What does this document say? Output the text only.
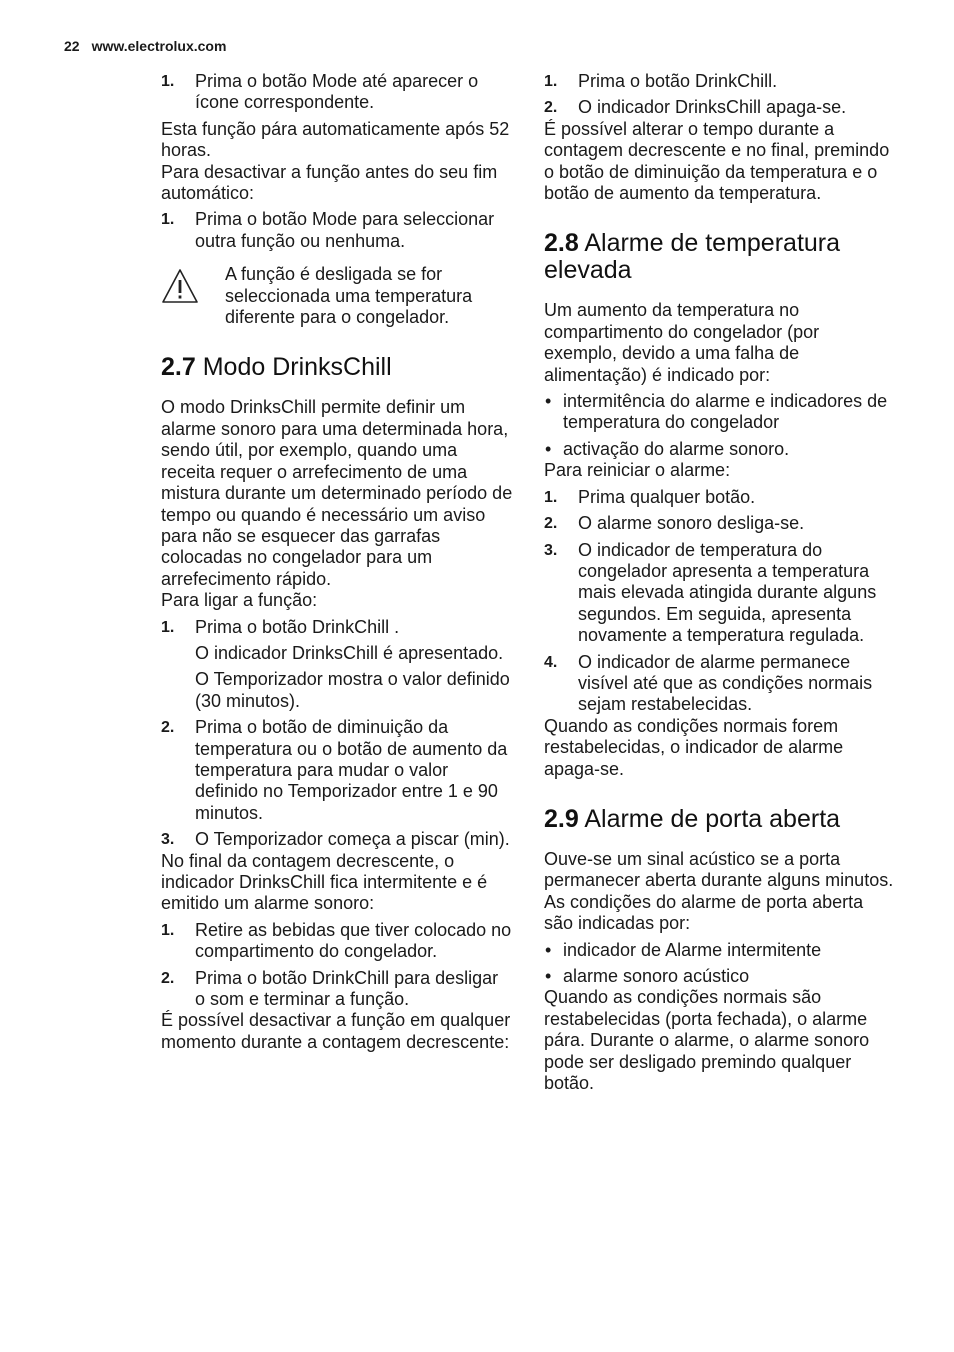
22 www.electrolux.com
1. Prima o botão Mode até aparecer o ícone correspondente.

Esta função pára automaticamente após 52 horas.

Para desactivar a função antes do seu fim automático:

1. Prima o botão Mode para seleccionar outra função ou nenhuma.

A função é desligada se for seleccionada uma temperatura diferente para o congelador.

2.7 Modo DrinksChill

O modo DrinksChill permite definir um alarme sonoro para uma determinada hora, sendo útil, por exemplo, quando uma receita requer o arrefecimento de uma mistura durante um determinado período de tempo ou quando é necessário um aviso para não se esquecer das garrafas colocadas no congelador para um arrefecimento rápido.

Para ligar a função:

1. Prima o botão DrinkChill .

O indicador DrinksChill é apresentado.

O Temporizador mostra o valor definido (30 minutos).

2. Prima o botão de diminuição da temperatura ou o botão de aumento da temperatura para mudar o valor definido no Temporizador entre 1 e 90 minutos.
3. O Temporizador começa a piscar (min).

No final da contagem decrescente, o indicador DrinksChill fica intermitente e é emitido um alarme sonoro:

1. Retire as bebidas que tiver colocado no compartimento do congelador.
2. Prima o botão DrinkChill para desligar o som e terminar a função.

É possível desactivar a função em qualquer momento durante a contagem decrescente:

1. Prima o botão DrinkChill.
2. O indicador DrinksChill apaga-se.

É possível alterar o tempo durante a contagem decrescente e no final, premindo o botão de diminuição da temperatura e o botão de aumento da temperatura.

2.8 Alarme de temperatura elevada

Um aumento da temperatura no compartimento do congelador (por exemplo, devido a uma falha de alimentação) é indicado por:

• intermitência do alarme e indicadores de temperatura do congelador
• activação do alarme sonoro.

Para reiniciar o alarme:

1. Prima qualquer botão.
2. O alarme sonoro desliga-se.
3. O indicador de temperatura do congelador apresenta a temperatura mais elevada atingida durante alguns segundos. Em seguida, apresenta novamente a temperatura regulada.
4. O indicador de alarme permanece visível até que as condições normais sejam restabelecidas.

Quando as condições normais forem restabelecidas, o indicador de alarme apaga-se.

2.9 Alarme de porta aberta

Ouve-se um sinal acústico se a porta permanecer aberta durante alguns minutos. As condições do alarme de porta aberta são indicadas por:

• indicador de Alarme intermitente
• alarme sonoro acústico

Quando as condições normais são restabelecidas (porta fechada), o alarme pára. Durante o alarme, o alarme sonoro pode ser desligado premindo qualquer botão.
